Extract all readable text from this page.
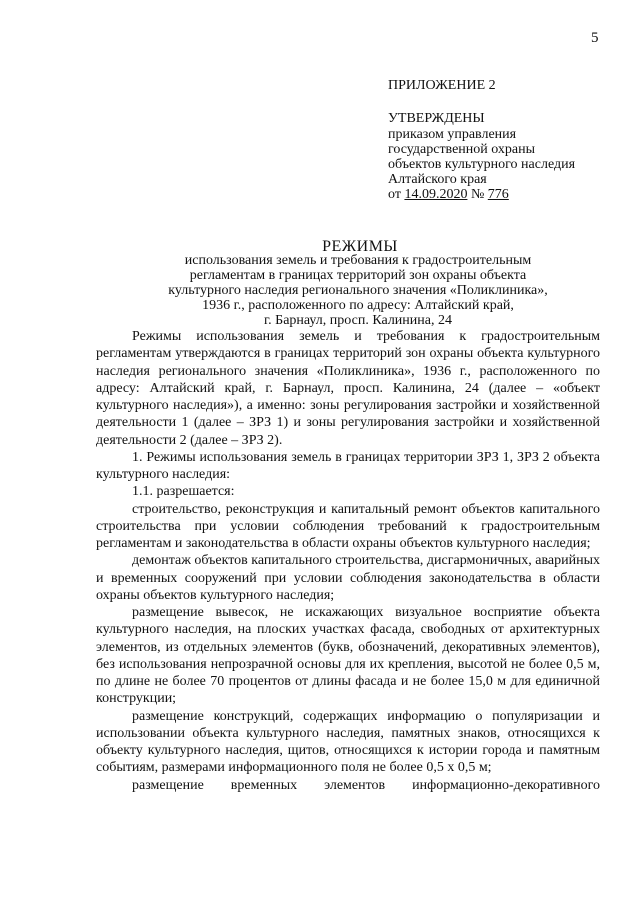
5
ПРИЛОЖЕНИЕ 2
УТВЕРЖДЕНЫ
приказом управления
государственной охраны
объектов культурного наследия
Алтайского края
от 14.09.2020 № 776
РЕЖИМЫ
использования земель и требования к градостроительным
регламентам в границах территорий зон охраны объекта
культурного наследия регионального значения «Поликлиника»,
1936 г., расположенного по адресу: Алтайский край,
г. Барнаул, просп. Калинина, 24

Режимы использования земель и требования к градостроительным регламентам утверждаются в границах территорий зон охраны объекта культурного наследия регионального значения «Поликлиника», 1936 г., расположенного по адресу: Алтайский край, г. Барнаул, просп. Калинина, 24 (далее – «объект культурного наследия»), а именно: зоны регулирования застройки и хозяйственной деятельности 1 (далее – ЗРЗ 1) и зоны регулирования застройки и хозяйственной деятельности 2 (далее – ЗРЗ 2).

1. Режимы использования земель в границах территории ЗРЗ 1, ЗРЗ 2 объекта культурного наследия:

1.1. разрешается:

строительство, реконструкция и капитальный ремонт объектов капитального строительства при условии соблюдения требований к градостроительным регламентам и законодательства в области охраны объектов культурного наследия;

демонтаж объектов капитального строительства, дисгармоничных, аварийных и временных сооружений при условии соблюдения законодательства в области охраны объектов культурного наследия;

размещение вывесок, не искажающих визуальное восприятие объекта культурного наследия, на плоских участках фасада, свободных от архитектурных элементов, из отдельных элементов (букв, обозначений, декоративных элементов), без использования непрозрачной основы для их крепления, высотой не более 0,5 м, по длине не более 70 процентов от длины фасада и не более 15,0 м для единичной конструкции;

размещение конструкций, содержащих информацию о популяризации и использовании объекта культурного наследия, памятных знаков, относящихся к объекту культурного наследия, щитов, относящихся к истории города и памятным событиям, размерами информационного поля не более 0,5 х 0,5 м;

размещение временных элементов информационно-декоративного
